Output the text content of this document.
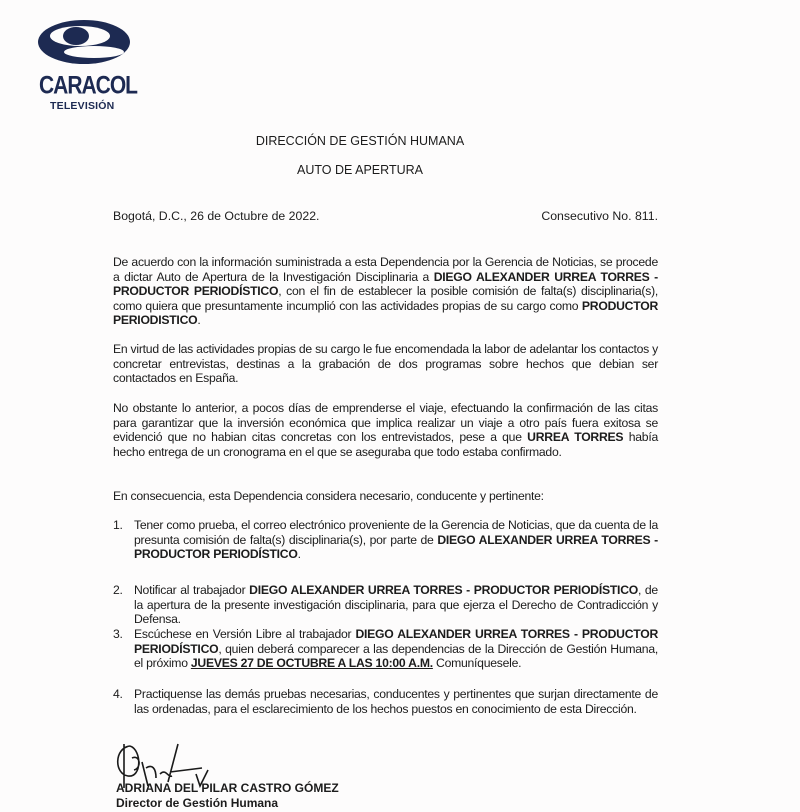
CARACOL
TELEVISIÓN
DIRECCIÓN DE GESTIÓN HUMANA
AUTO DE APERTURA
Bogotá, D.C., 26 de Octubre de 2022.	Consecutivo No. 811.
De acuerdo con la información suministrada a esta Dependencia por la Gerencia de Noticias, se procede a dictar Auto de Apertura de la Investigación Disciplinaria a DIEGO ALEXANDER URREA TORRES - PRODUCTOR PERIODÍSTICO, con el fin de establecer la posible comisión de falta(s) disciplinaria(s), como quiera que presuntamente incumplió con las actividades propias de su cargo como PRODUCTOR PERIODISTICO.
En virtud de las actividades propias de su cargo le fue encomendada la labor de adelantar los contactos y concretar entrevistas, destinas a la grabación de dos programas sobre hechos que debian ser contactados en España.
No obstante lo anterior, a pocos días de emprenderse el viaje, efectuando la confirmación de las citas para garantizar que la inversión económica que implica realizar un viaje a otro país fuera exitosa se evidenció que no habian citas concretas con los entrevistados, pese a que URREA TORRES había hecho entrega de un cronograma en el que se aseguraba que todo estaba confirmado.
En consecuencia, esta Dependencia considera necesario, conducente y pertinente:
1. Tener como prueba, el correo electrónico proveniente de la Gerencia de Noticias, que da cuenta de la presunta comisión de falta(s) disciplinaria(s), por parte de DIEGO ALEXANDER URREA TORRES - PRODUCTOR PERIODÍSTICO.
2. Notificar al trabajador DIEGO ALEXANDER URREA TORRES - PRODUCTOR PERIODÍSTICO, de la apertura de la presente investigación disciplinaria, para que ejerza el Derecho de Contradicción y Defensa.
3. Escúchese en Versión Libre al trabajador DIEGO ALEXANDER URREA TORRES - PRODUCTOR PERIODÍSTICO, quien deberá comparecer a las dependencias de la Dirección de Gestión Humana, el próximo JUEVES 27 DE OCTUBRE A LAS 10:00 A.M. Comuníquesele.
4. Practiquense las demás pruebas necesarias, conducentes y pertinentes que surjan directamente de las ordenadas, para el esclarecimiento de los hechos puestos en conocimiento de esta Dirección.
ADRIANA DEL PILAR CASTRO GÓMEZ
Director de Gestión Humana
